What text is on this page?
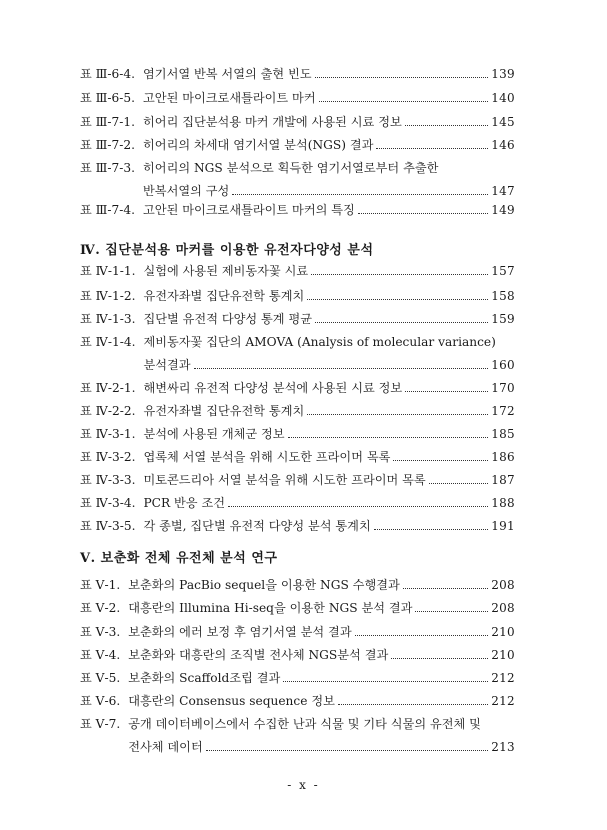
표 Ⅲ-6-4. 염기서열 반복 서열의 출현 빈도	139
표 Ⅲ-6-5. 고안된 마이크로새틀라이트 마커	140
표 Ⅲ-7-1. 히어리 집단분석용 마커 개발에 사용된 시료 정보	145
표 Ⅲ-7-2. 히어리의 차세대 염기서열 분석(NGS) 결과	146
표 Ⅲ-7-3. 히어리의 NGS 분석으로 획득한 염기서열로부터 추출한
반복서열의 구성	147
표 Ⅲ-7-4. 고안된 마이크로새틀라이트 마커의 특징	149
Ⅳ. 집단분석용 마커를 이용한 유전자다양성 분석
표 Ⅳ-1-1. 실험에 사용된 제비동자꽃 시료	157
표 Ⅳ-1-2. 유전자좌별 집단유전학 통계치	158
표 Ⅳ-1-3. 집단별 유전적 다양성 통계 평균	159
표 Ⅳ-1-4. 제비동자꽃 집단의 AMOVA (Analysis of molecular variance)
분석결과	160
표 Ⅳ-2-1. 해변싸리 유전적 다양성 분석에 사용된 시료 정보	170
표 Ⅳ-2-2. 유전자좌별 집단유전학 통계치	172
표 Ⅳ-3-1. 분석에 사용된 개체군 정보	185
표 Ⅳ-3-2. 엽록체 서열 분석을 위해 시도한 프라이머 목록	186
표 Ⅳ-3-3. 미토콘드리아 서열 분석을 위해 시도한 프라이머 목록	187
표 Ⅳ-3-4. PCR 반응 조건	188
표 Ⅳ-3-5. 각 종별, 집단별 유전적 다양성 분석 통계치	191
Ⅴ. 보춘화 전체 유전체 분석 연구
표 Ⅴ-1. 보춘화의 PacBio sequel을 이용한 NGS 수행결과	208
표 Ⅴ-2. 대흥란의 Illumina Hi-seq을 이용한 NGS 분석 결과	208
표 Ⅴ-3. 보춘화의 에러 보정 후 염기서열 분석 결과	210
표 Ⅴ-4. 보춘화와 대흥란의 조직별 전사체 NGS분석 결과	210
표 Ⅴ-5. 보춘화의 Scaffold조립 결과	212
표 Ⅴ-6. 대흥란의 Consensus sequence 정보	212
표 Ⅴ-7. 공개 데이터베이스에서 수집한 난과 식물 및 기타 식물의 유전체 및
전사체 데이터	213
- x -
